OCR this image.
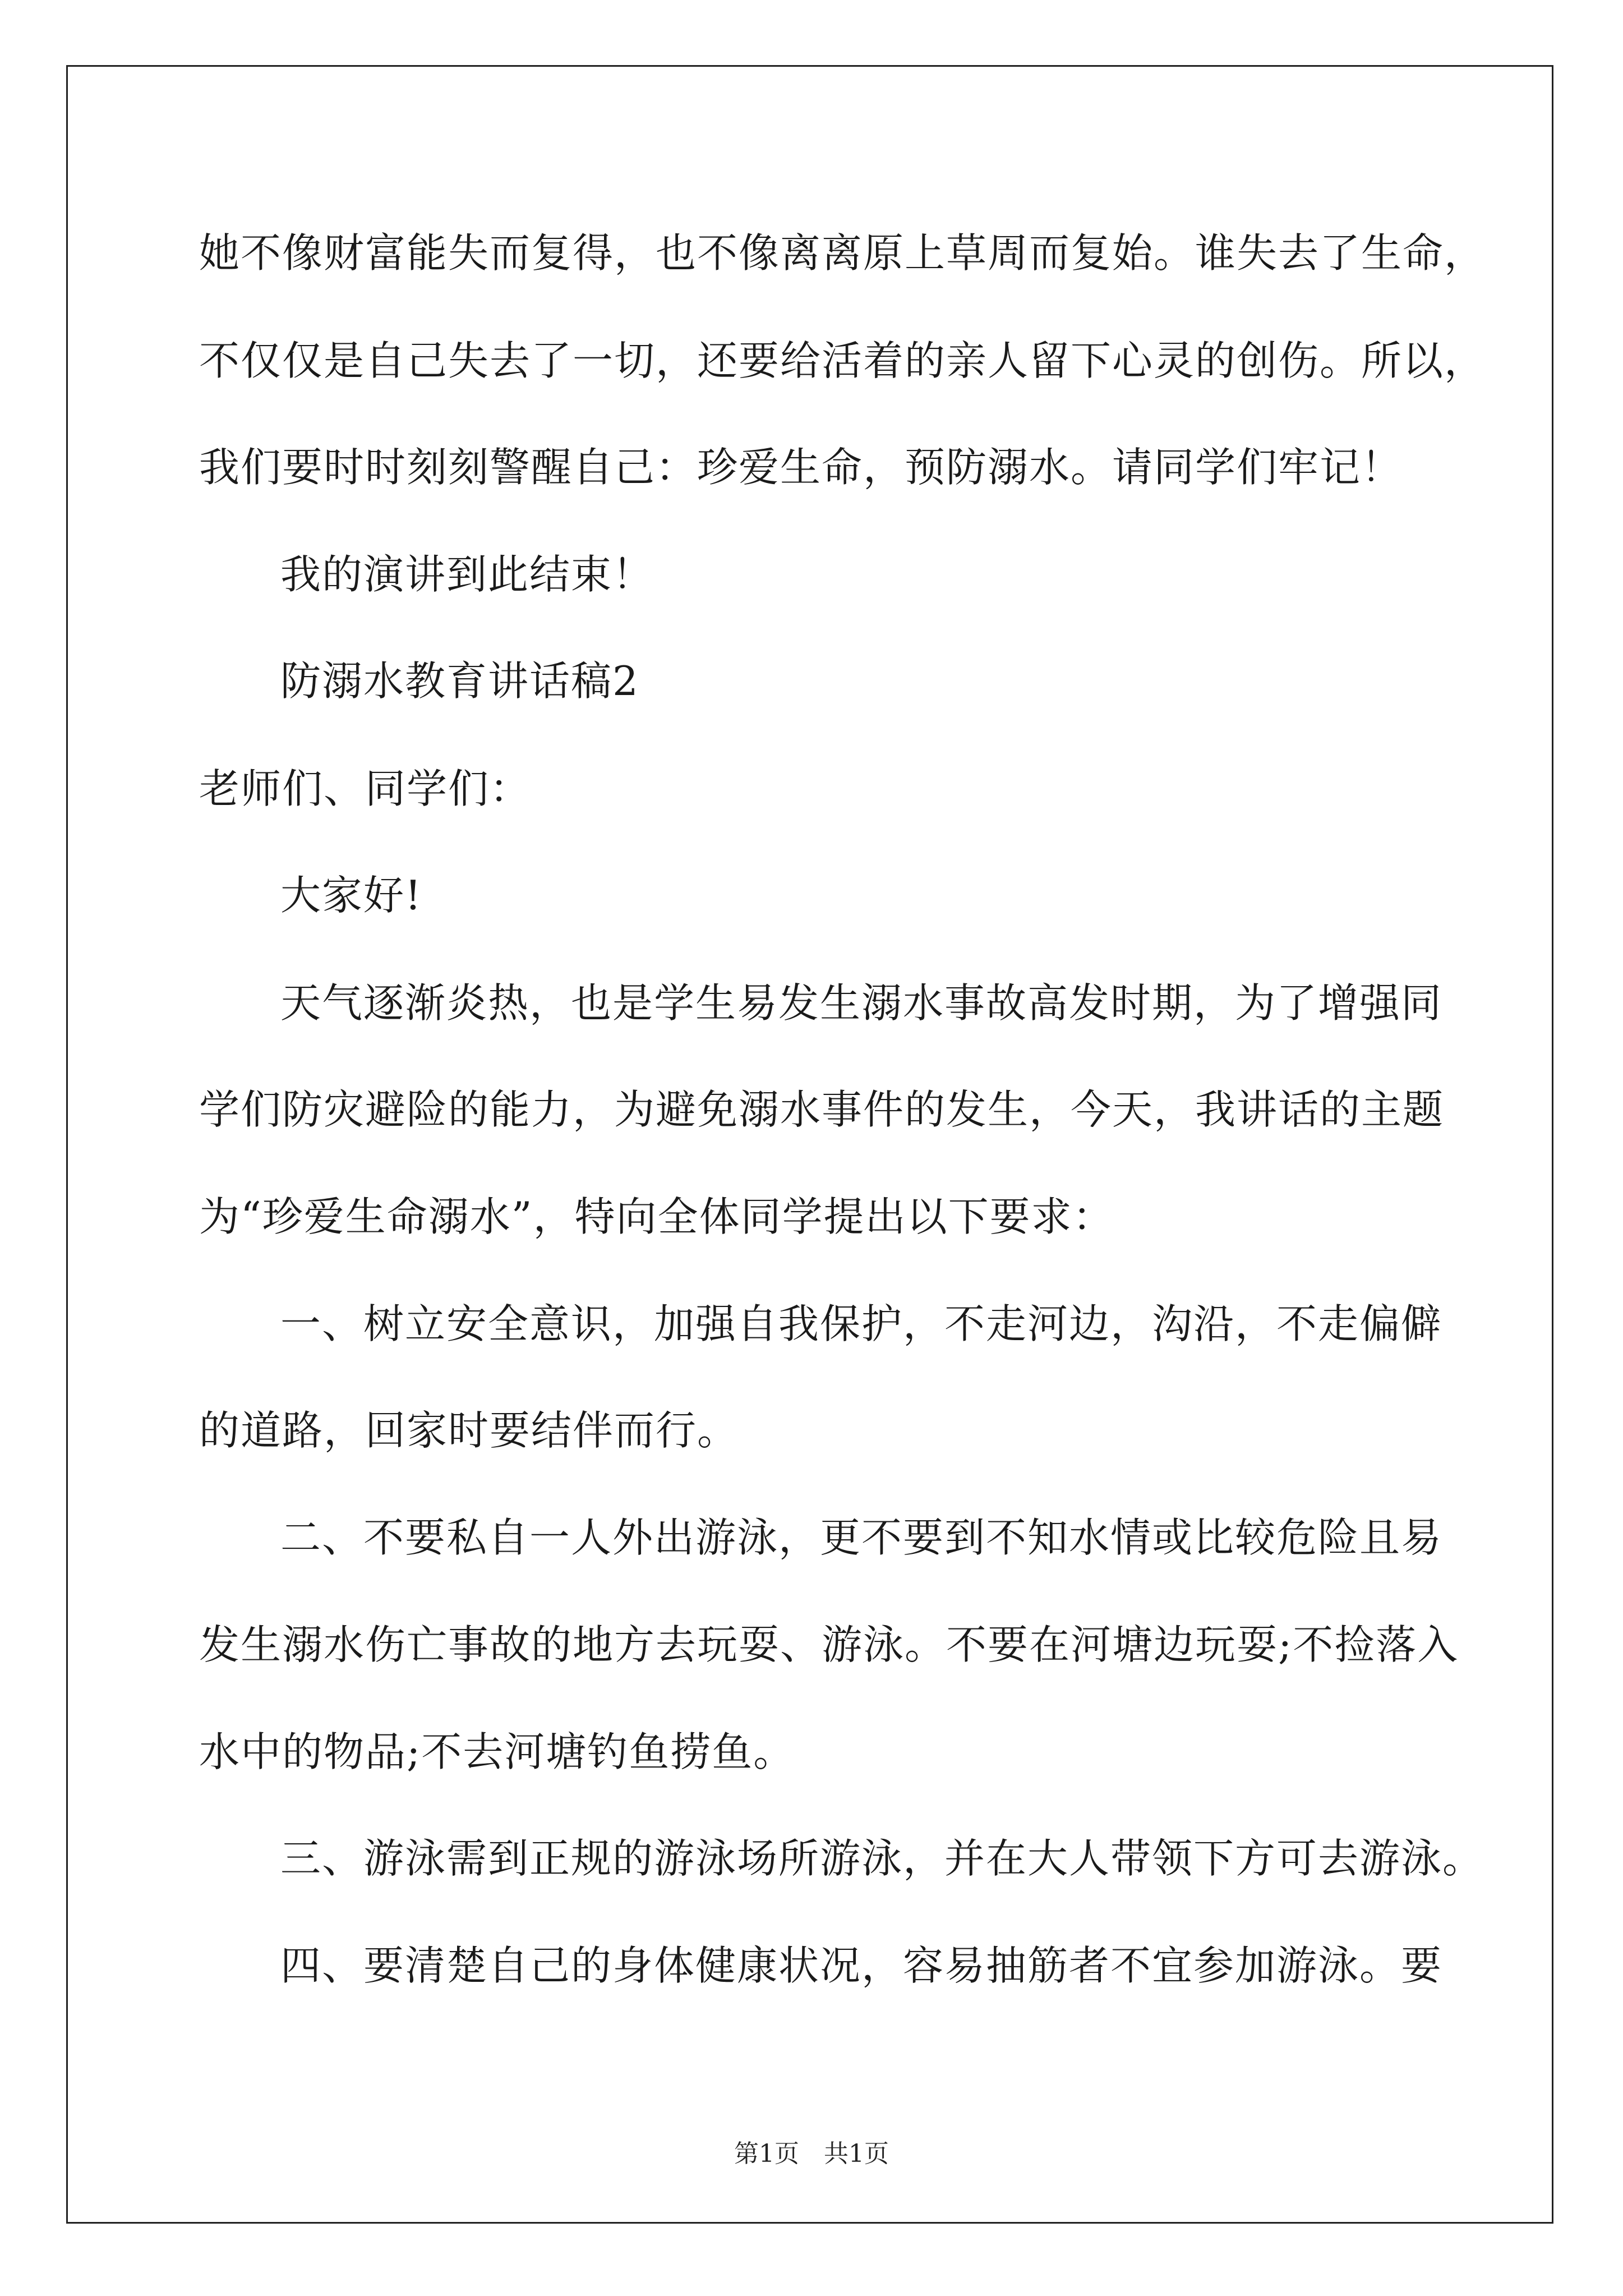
她不像财富能失而复得，也不像离离原上草周而复始。谁失去了生命，
不仅仅是自己失去了一切，还要给活着的亲人留下心灵的创伤。所以，
我们要时时刻刻警醒自己：珍爱生命，预防溺水。请同学们牢记！
我的演讲到此结束！
防溺水教育讲话稿2
老师们、同学们：
大家好!
天气逐渐炎热，也是学生易发生溺水事故高发时期，为了增强同
学们防灾避险的能力，为避免溺水事件的发生，今天，我讲话的主题
为“珍爱生命溺水”，特向全体同学提出以下要求：
一、树立安全意识，加强自我保护，不走河边，沟沿，不走偏僻
的道路，回家时要结伴而行。
二、不要私自一人外出游泳，更不要到不知水情或比较危险且易
发生溺水伤亡事故的地方去玩耍、游泳。不要在河塘边玩耍;不捡落入
水中的物品;不去河塘钓鱼捞鱼。
三、游泳需到正规的游泳场所游泳，并在大人带领下方可去游泳。
四、要清楚自己的身体健康状况，容易抽筋者不宜参加游泳。要
第1页　共1页
